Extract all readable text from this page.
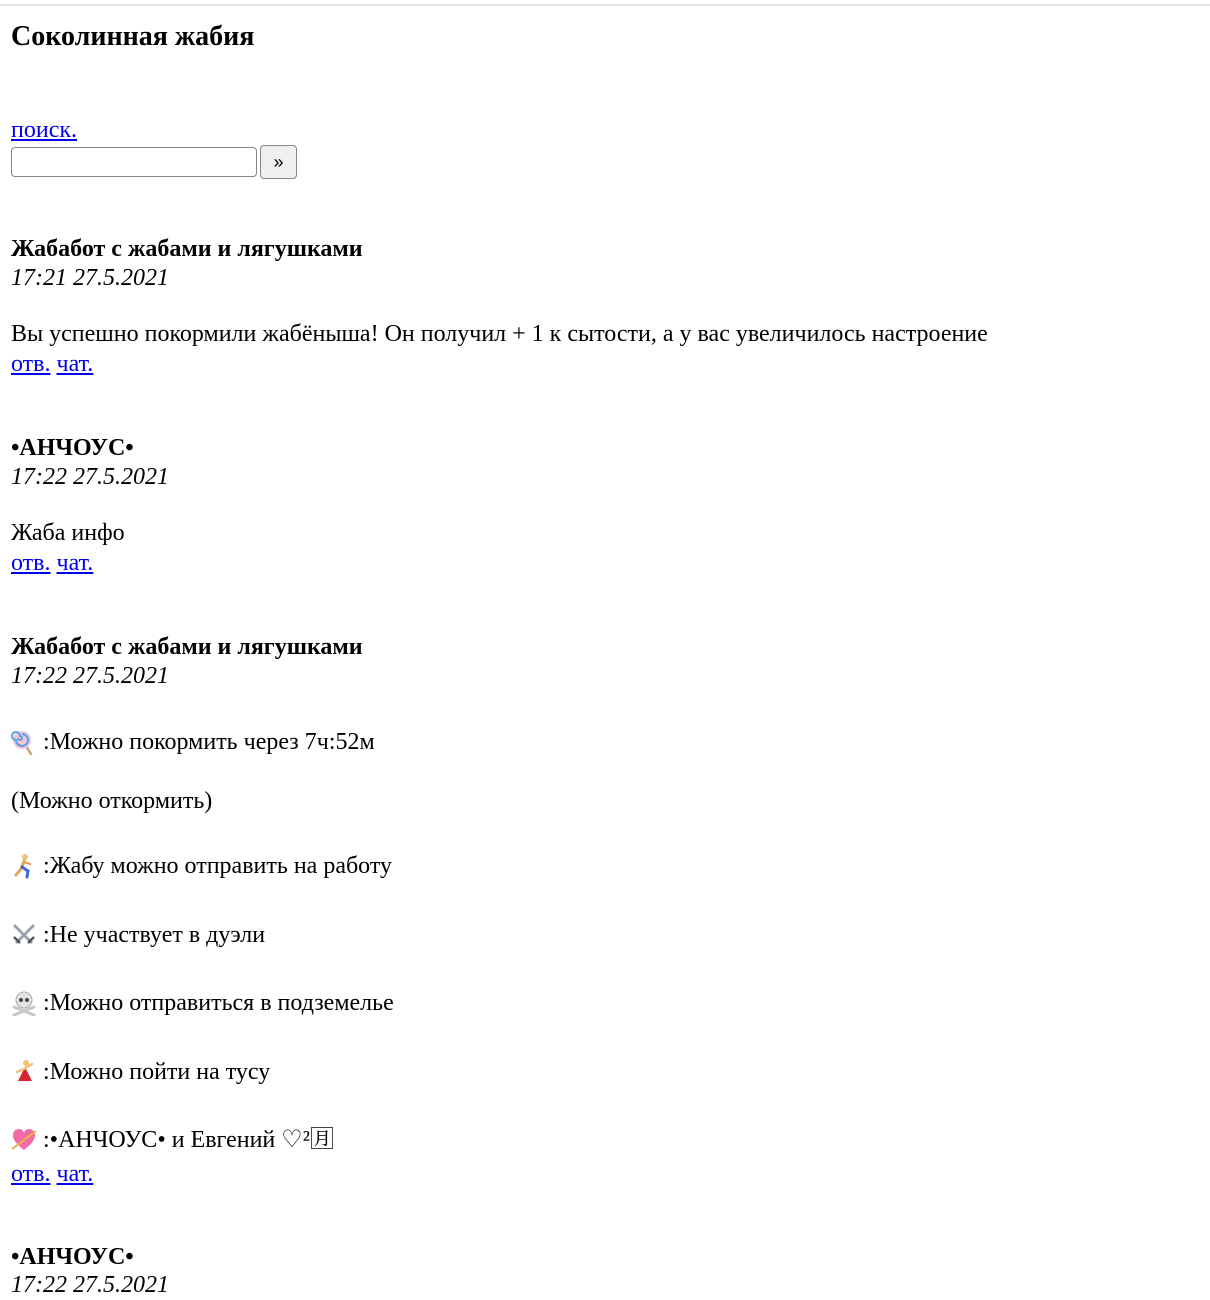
Соколинная жабия
поиск.
»
Жабабот с жабами и лягушками
17:21 27.5.2021
Вы успешно покормили жабёныша! Он получил + 1 к сытости, а у вас увеличилось настроение
отв. чат.
•АНЧОУС•
17:22 27.5.2021
Жаба инфо
отв. чат.
Жабабот с жабами и лягушками
17:22 27.5.2021
:Можно покормить через 7ч:52м
(Можно откормить)
:Жабу можно отправить на работу
:Не участвует в дуэли
:Можно отправиться в подземелье
:Можно пойти на тусу
:•АНЧОУС• и Евгений ♡²🈷
отв. чат.
•АНЧОУС•
17:22 27.5.2021
